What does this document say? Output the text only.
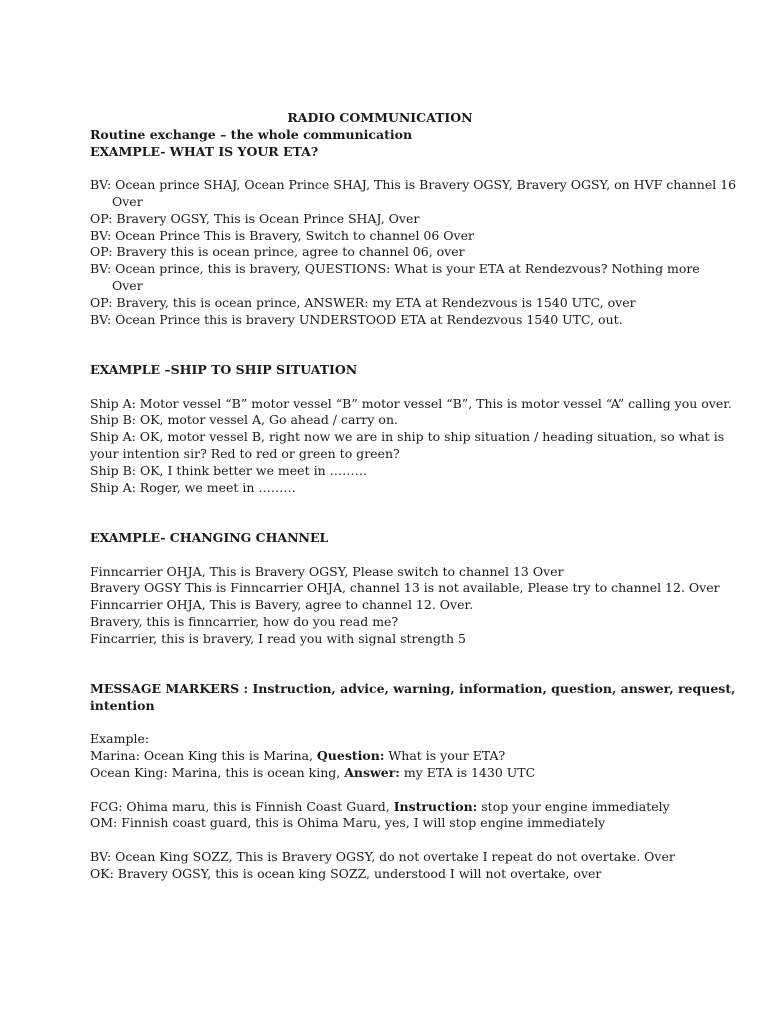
RADIO COMMUNICATION
Routine exchange – the whole communication
EXAMPLE- WHAT IS YOUR ETA?
BV: Ocean prince SHAJ, Ocean Prince SHAJ, This is Bravery OGSY, Bravery OGSY, on HVF channel 16
Over
OP: Bravery OGSY, This is Ocean Prince SHAJ, Over
BV: Ocean Prince This is Bravery, Switch to channel 06 Over
OP: Bravery this is ocean prince, agree to channel 06, over
BV: Ocean prince, this is bravery, QUESTIONS: What is your ETA at Rendezvous? Nothing more
Over
OP: Bravery, this is ocean prince, ANSWER: my ETA at Rendezvous is 1540 UTC, over
BV: Ocean Prince this is bravery UNDERSTOOD ETA at Rendezvous 1540 UTC, out.
EXAMPLE –SHIP TO SHIP SITUATION
Ship A: Motor vessel “B” motor vessel “B” motor vessel “B”, This is motor vessel “A” calling you over.
Ship B: OK, motor vessel A, Go ahead / carry on.
Ship A: OK, motor vessel B, right now we are in ship to ship situation / heading situation, so what is
your intention sir? Red to red or green to green?
Ship B: OK, I think better we meet in ………
Ship A: Roger, we meet in ………
EXAMPLE- CHANGING CHANNEL
Finncarrier OHJA, This is Bravery OGSY, Please switch to channel 13 Over
Bravery OGSY This is Finncarrier OHJA, channel 13 is not available, Please try to channel 12. Over
Finncarrier OHJA, This is Bavery, agree to channel 12. Over.
Bravery, this is finncarrier, how do you read me?
Fincarrier, this is bravery, I read you with signal strength 5
MESSAGE MARKERS : Instruction, advice, warning, information, question, answer, request,
intention
Example:
Marina: Ocean King this is Marina, Question: What is your ETA?
Ocean King: Marina, this is ocean king, Answer: my ETA is 1430 UTC
FCG: Ohima maru, this is Finnish Coast Guard, Instruction: stop your engine immediately
OM: Finnish coast guard, this is Ohima Maru, yes, I will stop engine immediately
BV: Ocean King SOZZ, This is Bravery OGSY, do not overtake I repeat do not overtake. Over
OK: Bravery OGSY, this is ocean king SOZZ, understood I will not overtake, over
